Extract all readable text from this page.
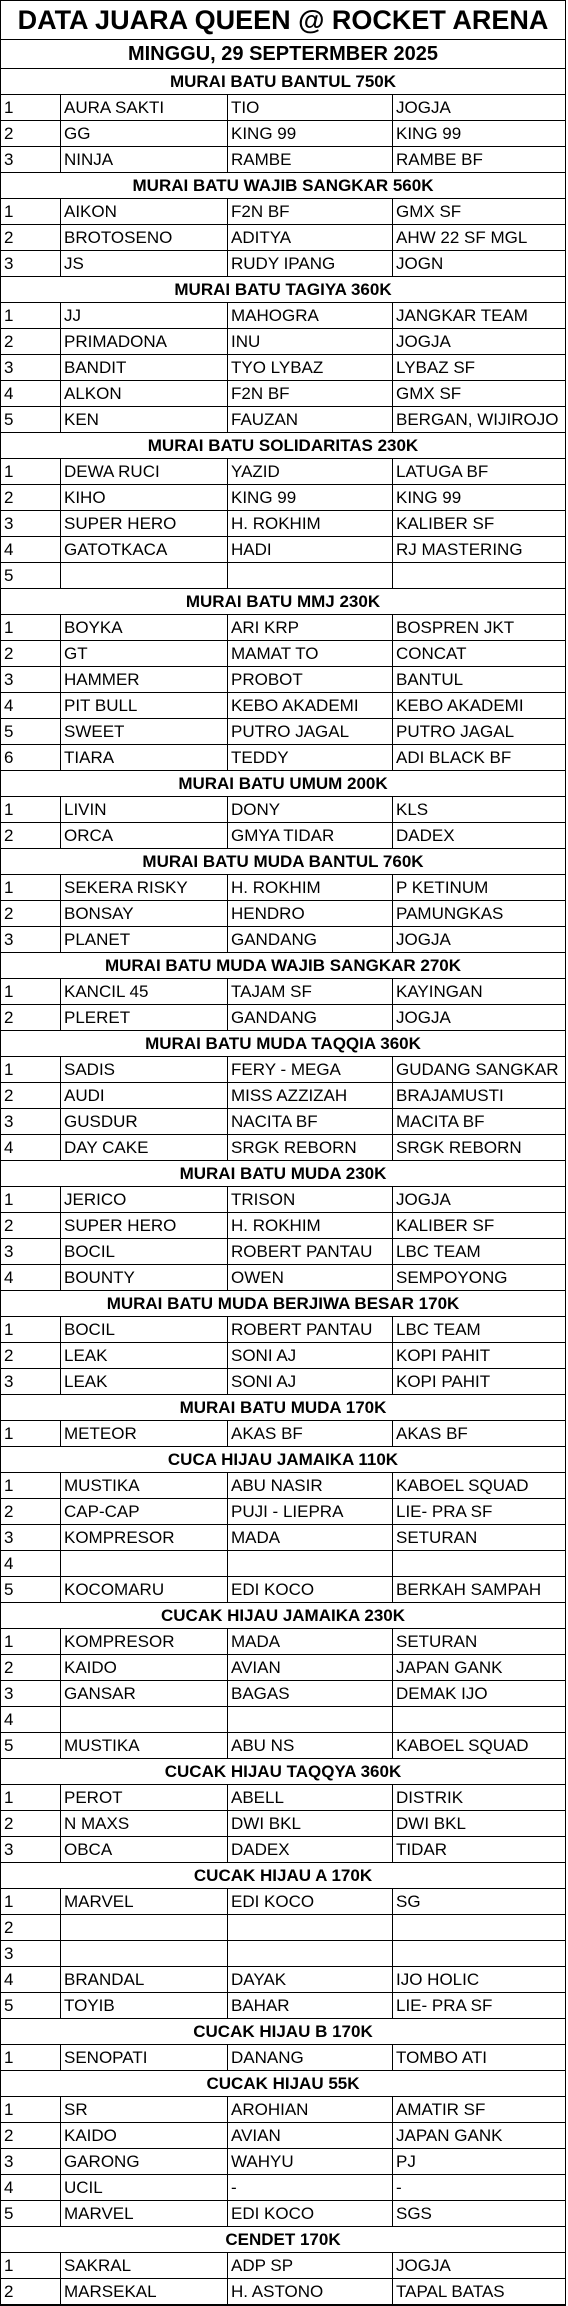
DATA JUARA QUEEN @ ROCKET ARENA
MINGGU, 29 SEPTERMBER 2025
MURAI BATU BANTUL 750K
1	AURA SAKTI	TIO	JOGJA
2	GG	KING 99	KING 99
3	NINJA	RAMBE	RAMBE BF
MURAI BATU WAJIB SANGKAR 560K
1	AIKON	F2N BF	GMX SF
2	BROTOSENO	ADITYA	AHW 22 SF MGL
3	JS	RUDY IPANG	JOGN
MURAI BATU TAGIYA 360K
1	JJ	MAHOGRA	JANGKAR TEAM
2	PRIMADONA	INU	JOGJA
3	BANDIT	TYO LYBAZ	LYBAZ SF
4	ALKON	F2N BF	GMX SF
5	KEN	FAUZAN	BERGAN, WIJIROJO
MURAI BATU SOLIDARITAS 230K
1	DEWA RUCI	YAZID	LATUGA BF
2	KIHO	KING 99	KING 99
3	SUPER HERO	H. ROKHIM	KALIBER SF
4	GATOTKACA	HADI	RJ MASTERING
5
MURAI BATU MMJ 230K
1	BOYKA	ARI KRP	BOSPREN JKT
2	GT	MAMAT TO	CONCAT
3	HAMMER	PROBOT	BANTUL
4	PIT BULL	KEBO AKADEMI	KEBO AKADEMI
5	SWEET	PUTRO JAGAL	PUTRO JAGAL
6	TIARA	TEDDY	ADI BLACK BF
MURAI BATU UMUM 200K
1	LIVIN	DONY	KLS
2	ORCA	GMYA TIDAR	DADEX
MURAI BATU MUDA BANTUL 760K
1	SEKERA RISKY	H. ROKHIM	P KETINUM
2	BONSAY	HENDRO	PAMUNGKAS
3	PLANET	GANDANG	JOGJA
MURAI BATU MUDA WAJIB SANGKAR 270K
1	KANCIL 45	TAJAM SF	KAYINGAN
2	PLERET	GANDANG	JOGJA
MURAI BATU MUDA TAQQIA 360K
1	SADIS	FERY - MEGA	GUDANG SANGKAR
2	AUDI	MISS AZZIZAH	BRAJAMUSTI
3	GUSDUR	NACITA BF	MACITA BF
4	DAY CAKE	SRGK REBORN	SRGK REBORN
MURAI BATU MUDA 230K
1	JERICO	TRISON	JOGJA
2	SUPER HERO	H. ROKHIM	KALIBER SF
3	BOCIL	ROBERT PANTAU	LBC TEAM
4	BOUNTY	OWEN	SEMPOYONG
MURAI BATU MUDA BERJIWA BESAR 170K
1	BOCIL	ROBERT PANTAU	LBC TEAM
2	LEAK	SONI AJ	KOPI PAHIT
3	LEAK	SONI AJ	KOPI PAHIT
MURAI BATU MUDA 170K
1	METEOR	AKAS BF	AKAS BF
CUCA HIJAU JAMAIKA 110K
1	MUSTIKA	ABU NASIR	KABOEL SQUAD
2	CAP-CAP	PUJI - LIEPRA	LIE- PRA SF
3	KOMPRESOR	MADA	SETURAN
4
5	KOCOMARU	EDI KOCO	BERKAH SAMPAH
CUCAK HIJAU JAMAIKA 230K
1	KOMPRESOR	MADA	SETURAN
2	KAIDO	AVIAN	JAPAN GANK
3	GANSAR	BAGAS	DEMAK IJO
4
5	MUSTIKA	ABU NS	KABOEL SQUAD
CUCAK HIJAU TAQQYA 360K
1	PEROT	ABELL	DISTRIK
2	N MAXS	DWI BKL	DWI BKL
3	OBCA	DADEX	TIDAR
CUCAK HIJAU A 170K
1	MARVEL	EDI KOCO	SG
2
3
4	BRANDAL	DAYAK	IJO HOLIC
5	TOYIB	BAHAR	LIE- PRA SF
CUCAK HIJAU B 170K
1	SENOPATI	DANANG	TOMBO ATI
CUCAK HIJAU 55K
1	SR	AROHIAN	AMATIR SF
2	KAIDO	AVIAN	JAPAN GANK
3	GARONG	WAHYU	PJ
4	UCIL	-	-
5	MARVEL	EDI KOCO	SGS
CENDET 170K
1	SAKRAL	ADP SP	JOGJA
2	MARSEKAL	H. ASTONO	TAPAL BATAS
